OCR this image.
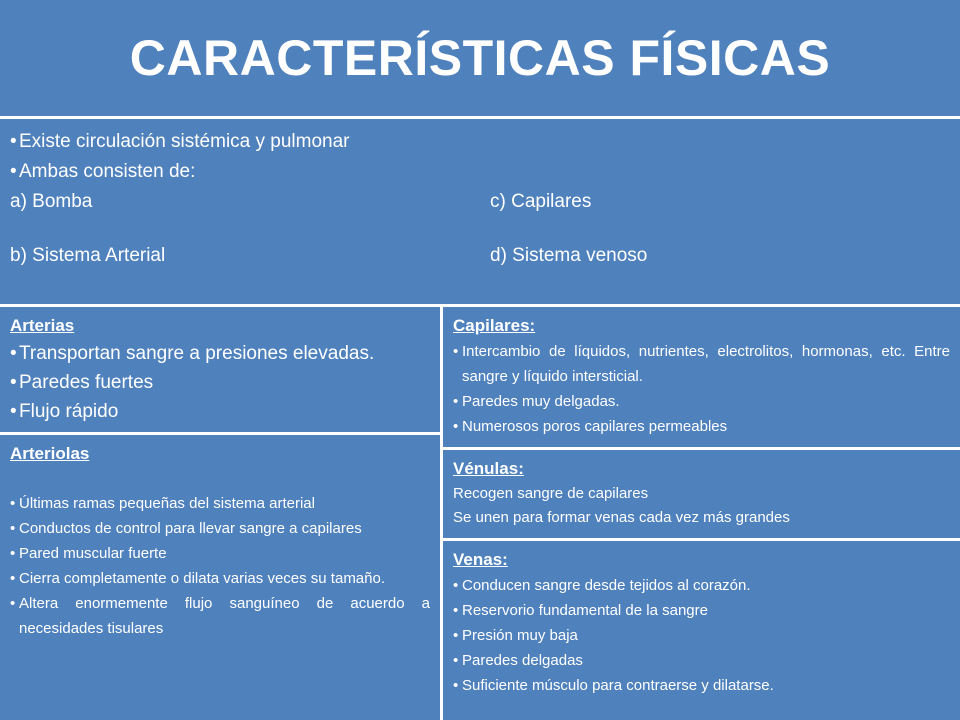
CARACTERÍSTICAS FÍSICAS
• Existe circulación sistémica y pulmonar
• Ambas consisten de:
a) Bomba	c) Capilares
b) Sistema Arterial	d) Sistema venoso
Arterias
• Transportan sangre a presiones elevadas.
• Paredes fuertes
• Flujo rápido
Arteriolas
• Últimas ramas pequeñas del sistema arterial
• Conductos de control para llevar sangre a capilares
• Pared muscular fuerte
• Cierra completamente o dilata varias veces su tamaño.
• Altera enormemente flujo sanguíneo de acuerdo a necesidades tisulares
Capilares:
• Intercambio de líquidos, nutrientes, electrolitos, hormonas, etc. Entre sangre y líquido intersticial.
• Paredes muy delgadas.
• Numerosos poros capilares permeables
Vénulas:
Recogen sangre de capilares
Se unen para formar venas cada vez más grandes
Venas:
• Conducen sangre desde tejidos al corazón.
• Reservorio fundamental de la sangre
• Presión muy baja
• Paredes delgadas
• Suficiente músculo para contraerse y dilatarse.
